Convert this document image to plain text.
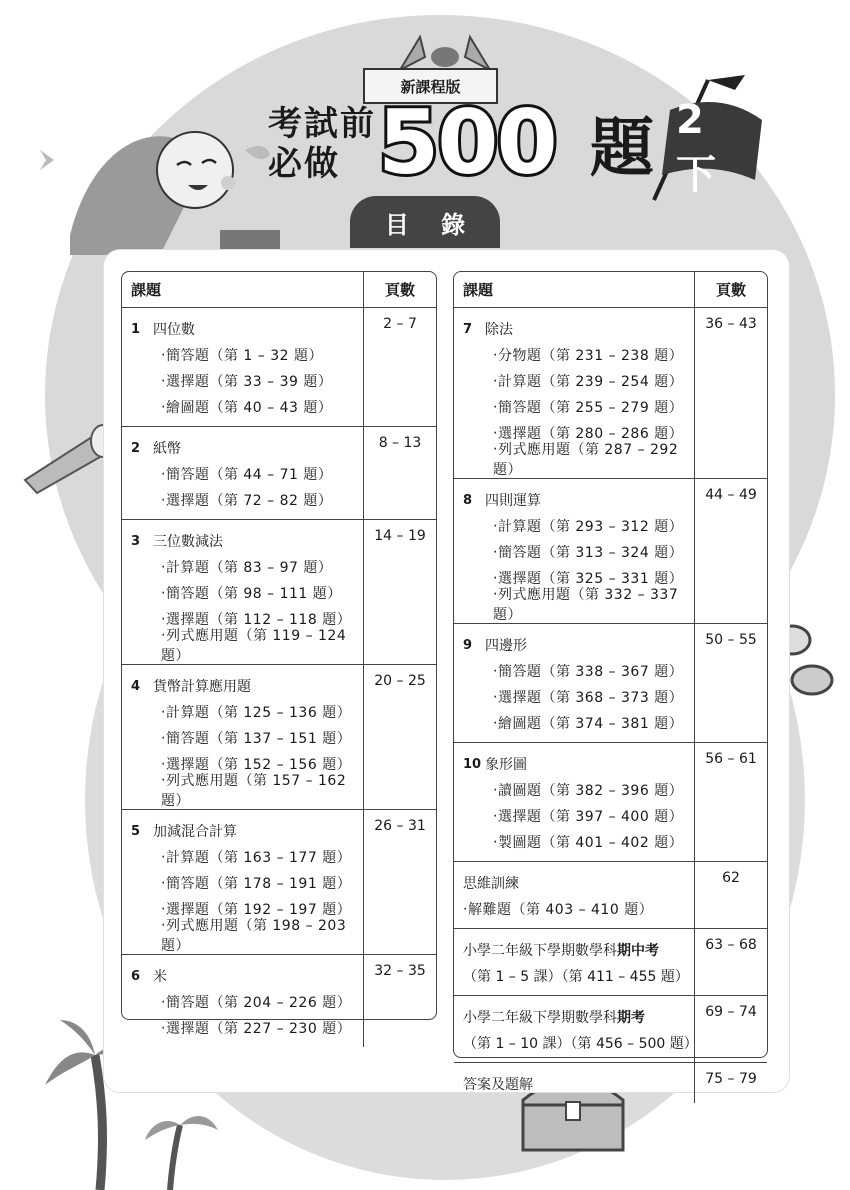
新課程版
考試前
必做 500 題
目 錄
課題	頁數
1 四位數
‧簡答題（第 1 – 32 題）
‧選擇題（第 33 – 39 題）
‧繪圖題（第 40 – 43 題）
2 – 7
2 紙幣
‧簡答題（第 44 – 71 題）
‧選擇題（第 72 – 82 題）
8 – 13
3 三位數減法
‧計算題（第 83 – 97 題）
‧簡答題（第 98 – 111 題）
‧選擇題（第 112 – 118 題）
‧列式應用題（第 119 – 124 題）
14 – 19
4 貨幣計算應用題
‧計算題（第 125 – 136 題）
‧簡答題（第 137 – 151 題）
‧選擇題（第 152 – 156 題）
‧列式應用題（第 157 – 162 題）
20 – 25
5 加減混合計算
‧計算題（第 163 – 177 題）
‧簡答題（第 178 – 191 題）
‧選擇題（第 192 – 197 題）
‧列式應用題（第 198 – 203 題）
26 – 31
6 米
‧簡答題（第 204 – 226 題）
‧選擇題（第 227 – 230 題）
32 – 35
課題	頁數
7 除法
‧分物題（第 231 – 238 題）
‧計算題（第 239 – 254 題）
‧簡答題（第 255 – 279 題）
‧選擇題（第 280 – 286 題）
‧列式應用題（第 287 – 292 題）
36 – 43
8 四則運算
‧計算題（第 293 – 312 題）
‧簡答題（第 313 – 324 題）
‧選擇題（第 325 – 331 題）
‧列式應用題（第 332 – 337 題）
44 – 49
9 四邊形
‧簡答題（第 338 – 367 題）
‧選擇題（第 368 – 373 題）
‧繪圖題（第 374 – 381 題）
50 – 55
10 象形圖
‧讀圖題（第 382 – 396 題）
‧選擇題（第 397 – 400 題）
‧製圖題（第 401 – 402 題）
56 – 61
思維訓練
‧解難題（第 403 – 410 題）
62
小學二年級下學期數學科 期中考
（第 1 – 5 課）（第 411 – 455 題）
63 – 68
小學二年級下學期數學科 期考
（第 1 – 10 課）（第 456 – 500 題）
69 – 74
答案及題解	75 – 79
